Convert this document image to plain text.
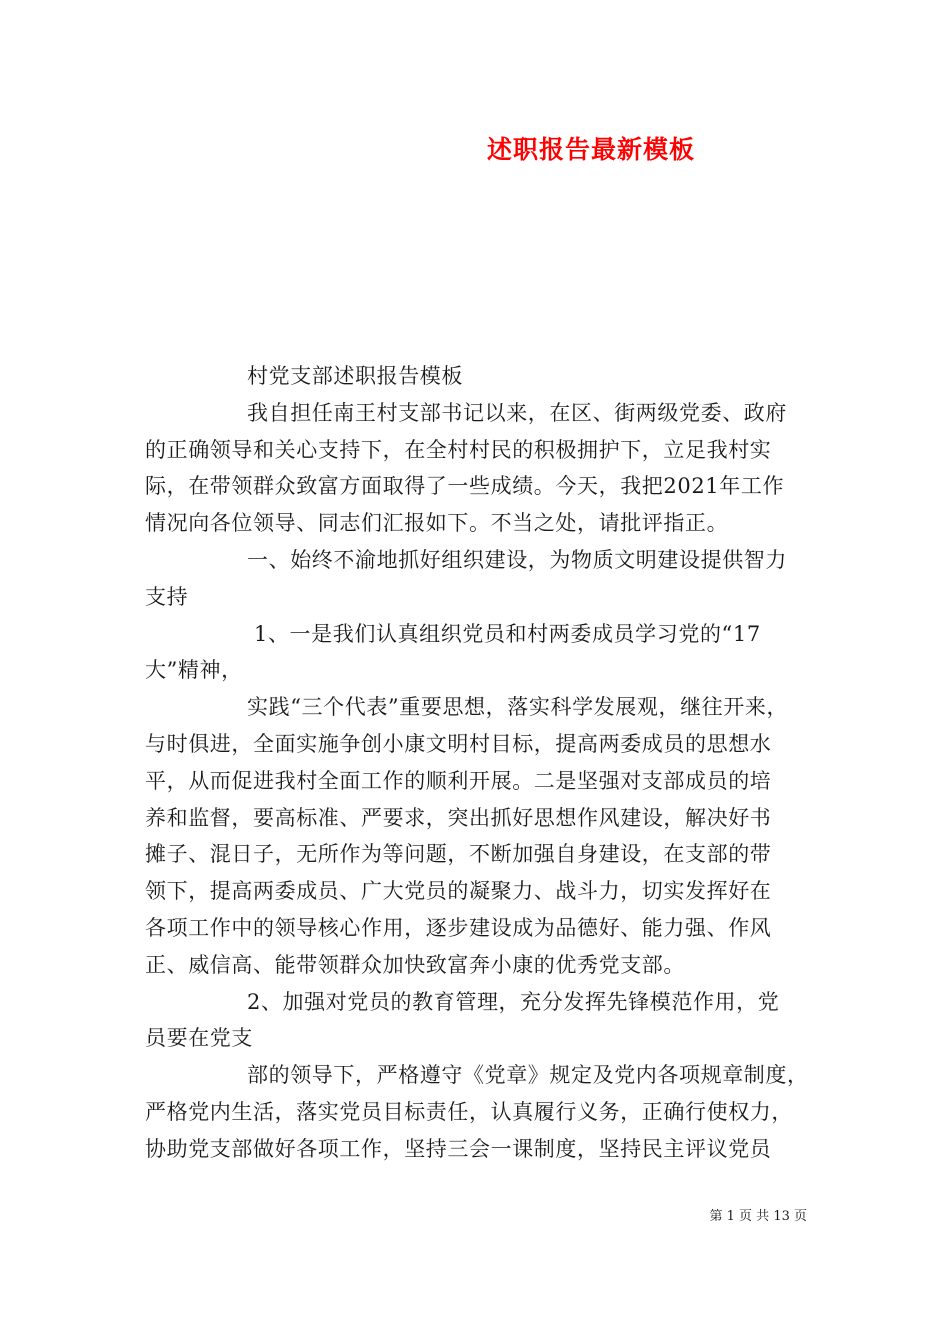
述职报告最新模板
村党支部述职报告模板
我自担任南王村支部书记以来，在区、街两级党委、政府
的正确领导和关心支持下，在全村村民的积极拥护下，立足我村实
际，在带领群众致富方面取得了一些成绩。今天，我把2021年工作
情况向各位领导、同志们汇报如下。不当之处，请批评指正。
一、始终不渝地抓好组织建设，为物质文明建设提供智力
支持
1、一是我们认真组织党员和村两委成员学习党的“17
大”精神，
实践“三个代表”重要思想，落实科学发展观，继往开来，
与时俱进，全面实施争创小康文明村目标，提高两委成员的思想水
平，从而促进我村全面工作的顺利开展。二是坚强对支部成员的培
养和监督，要高标准、严要求，突出抓好思想作风建设，解决好书
摊子、混日子，无所作为等问题，不断加强自身建设，在支部的带
领下，提高两委成员、广大党员的凝聚力、战斗力，切实发挥好在
各项工作中的领导核心作用，逐步建设成为品德好、能力强、作风
正、威信高、能带领群众加快致富奔小康的优秀党支部。
2、加强对党员的教育管理，充分发挥先锋模范作用，党
员要在党支
部的领导下，严格遵守《党章》规定及党内各项规章制度，
严格党内生活，落实党员目标责任，认真履行义务，正确行使权力，
协助党支部做好各项工作，坚持三会一课制度，坚持民主评议党员
第 1 页 共 13 页
